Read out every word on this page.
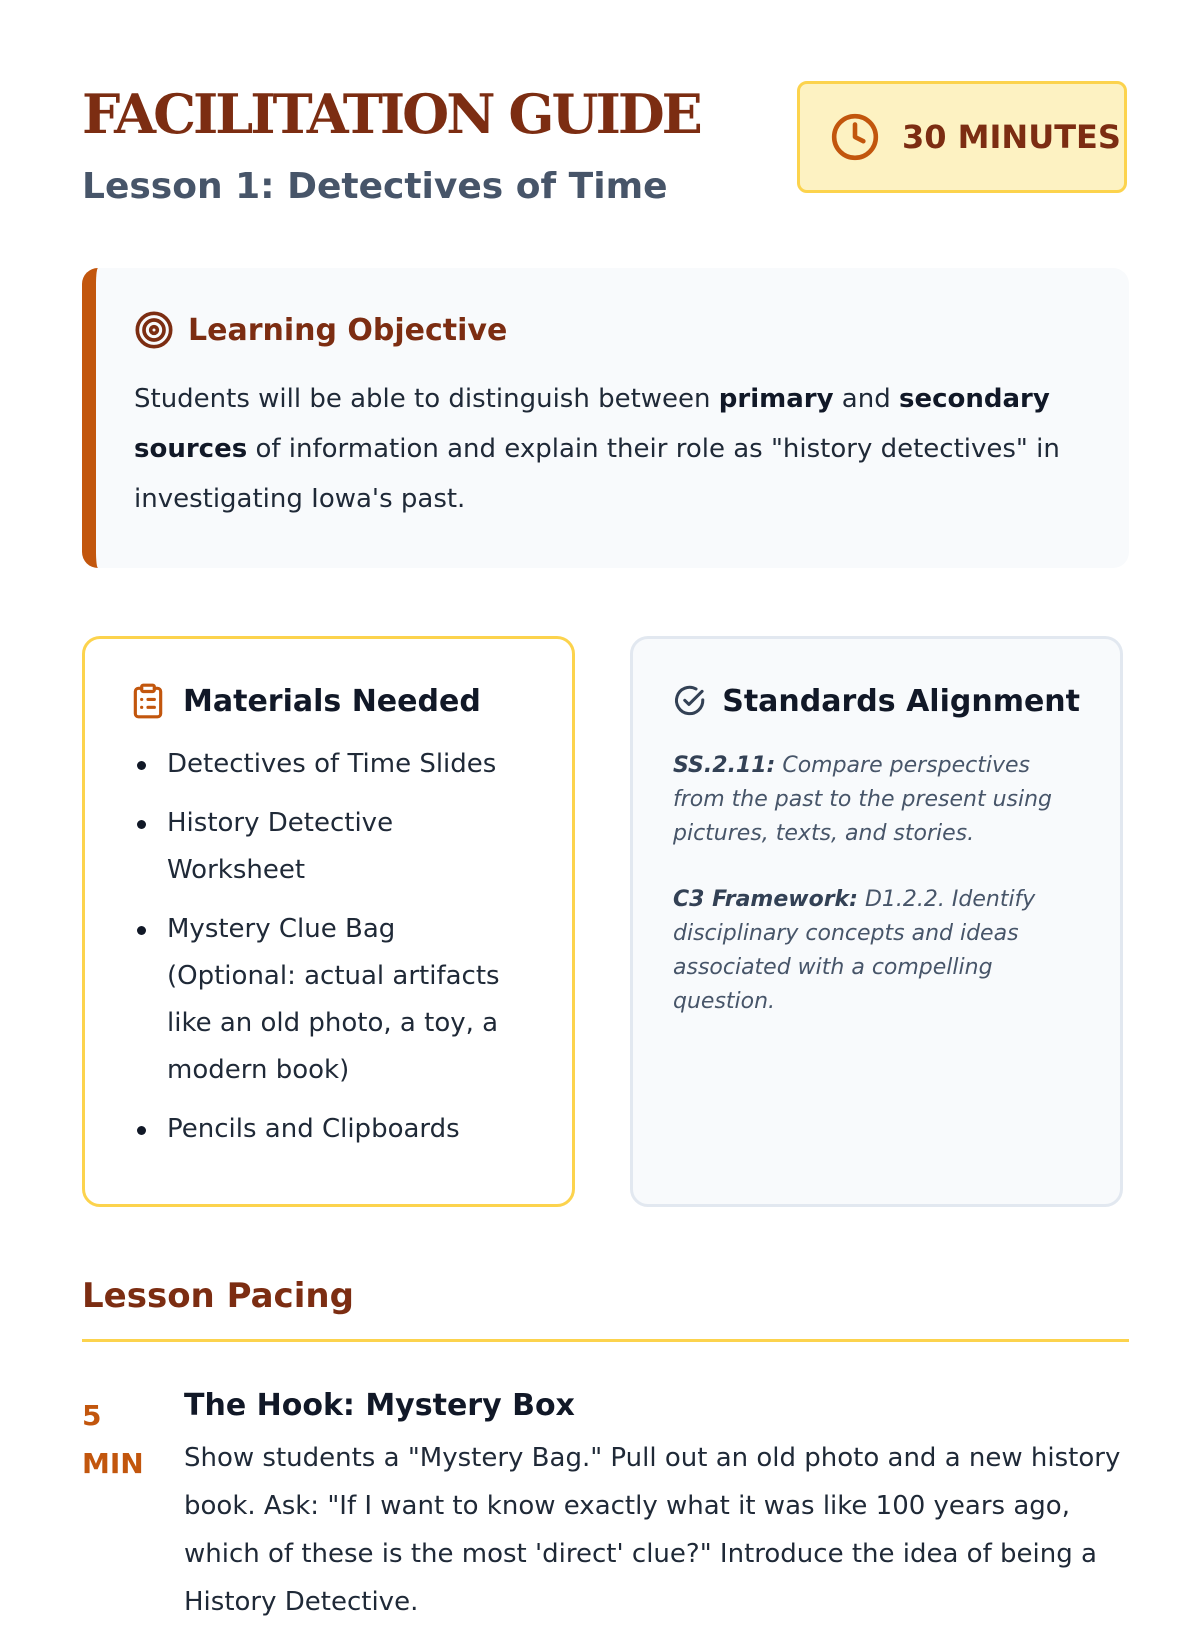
FACILITATION GUIDE
Lesson 1: Detectives of Time
30 MINUTES
Learning Objective
Students will be able to distinguish between primary and secondary sources of information and explain their role as "history detectives" in investigating Iowa's past.
Materials Needed
Detectives of Time Slides
History Detective Worksheet
Mystery Clue Bag (Optional: actual artifacts like an old photo, a toy, a modern book)
Pencils and Clipboards
Standards Alignment
SS.2.11: Compare perspectives from the past to the present using pictures, texts, and stories.
C3 Framework: D1.2.2. Identify disciplinary concepts and ideas associated with a compelling question.
Lesson Pacing
5 MIN
The Hook: Mystery Box
Show students a "Mystery Bag." Pull out an old photo and a new history book. Ask: "If I want to know exactly what it was like 100 years ago, which of these is the most 'direct' clue?" Introduce the idea of being a History Detective.
